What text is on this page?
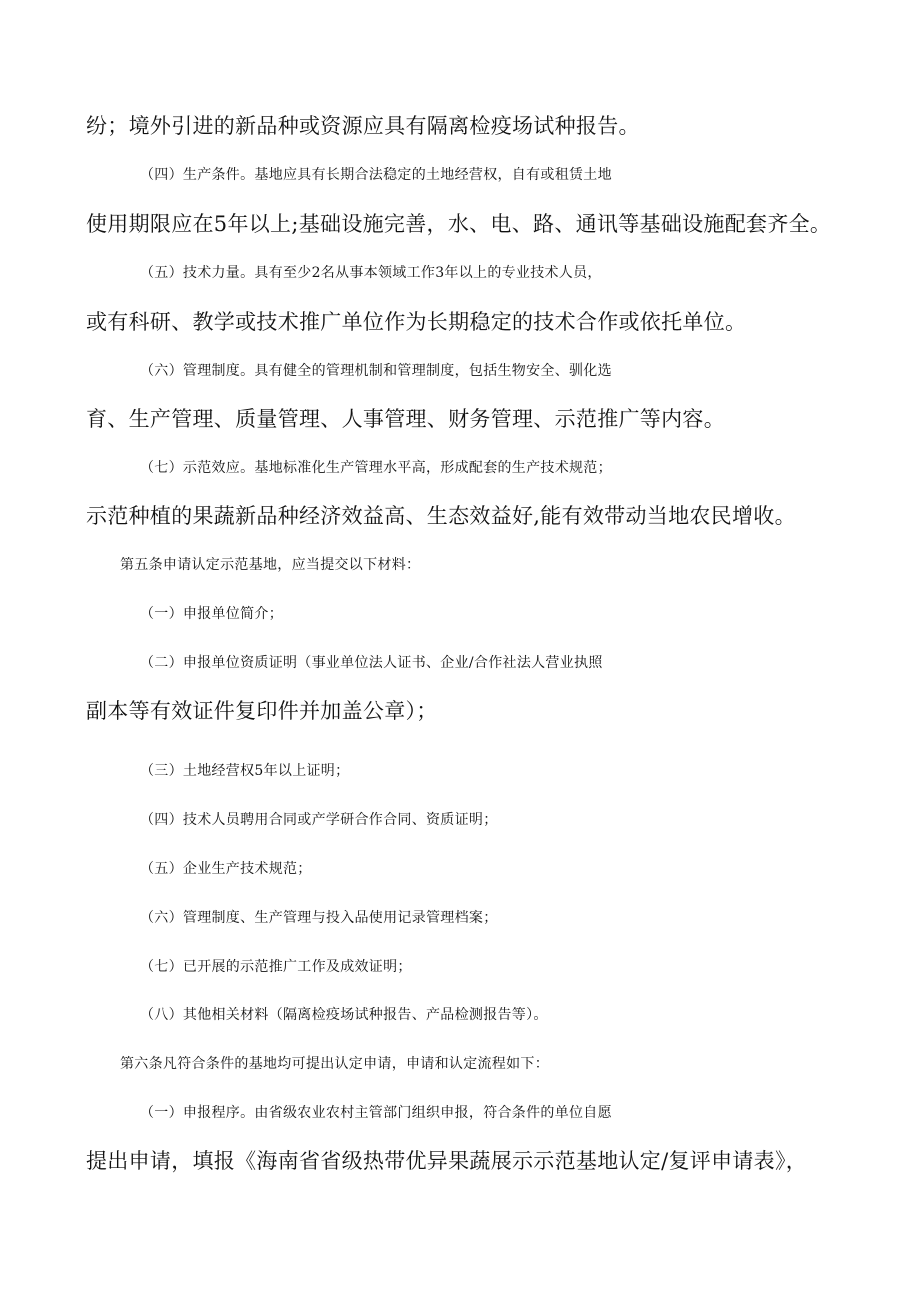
纷；境外引进的新品种或资源应具有隔离检疫场试种报告。

（四）生产条件。基地应具有长期合法稳定的土地经营权，自有或租赁土地

使用期限应在5年以上;基础设施完善，水、电、路、通讯等基础设施配套齐全。

（五）技术力量。具有至少2名从事本领域工作3年以上的专业技术人员，

或有科研、教学或技术推广单位作为长期稳定的技术合作或依托单位。

（六）管理制度。具有健全的管理机制和管理制度，包括生物安全、驯化选

育、生产管理、质量管理、人事管理、财务管理、示范推广等内容。

（七）示范效应。基地标准化生产管理水平高，形成配套的生产技术规范；

示范种植的果蔬新品种经济效益高、生态效益好,能有效带动当地农民增收。

第五条申请认定示范基地，应当提交以下材料：

（一）申报单位简介；

（二）申报单位资质证明（事业单位法人证书、企业/合作社法人营业执照

副本等有效证件复印件并加盖公章）；

（三）土地经营权5年以上证明；

（四）技术人员聘用合同或产学研合作合同、资质证明；

（五）企业生产技术规范；

（六）管理制度、生产管理与投入品使用记录管理档案；

（七）已开展的示范推广工作及成效证明；

（八）其他相关材料（隔离检疫场试种报告、产品检测报告等）。

第六条凡符合条件的基地均可提出认定申请，申请和认定流程如下：

（一）申报程序。由省级农业农村主管部门组织申报，符合条件的单位自愿

提出申请，填报《海南省省级热带优异果蔬展示示范基地认定/复评申请表》，
